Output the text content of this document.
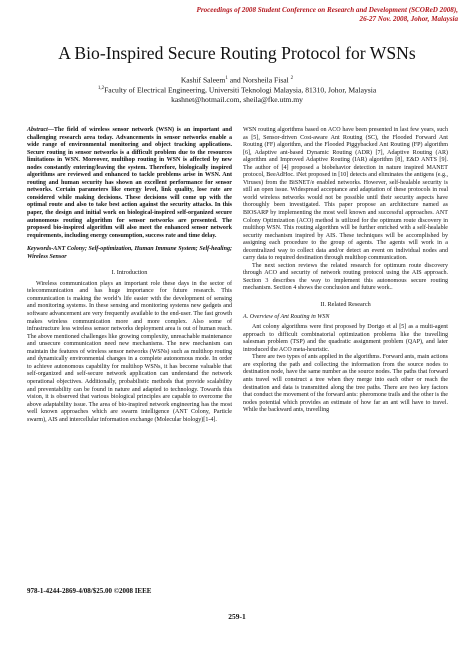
Proceedings of 2008 Student Conference on Research and Development (SCOReD 2008),
26-27 Nov. 2008, Johor, Malaysia
A Bio-Inspired Secure Routing Protocol for WSNs
Kashif Saleem$^1$ and Norsheila Fisal $^2$
$^{1,2}$Faculty of Electrical Engineering, Universiti Teknologi Malaysia, 81310, Johor, Malaysia
kashnet@hotmail.com, sheila@fke.utm.my

Abstract—The field of wireless sensor network (WSN) is an important and challenging research area today. Advancements in sensor networks enable a wide range of environmental monitoring and object tracking applications. Secure routing in sensor networks is a difficult problem due to the resources limitations in WSN. Moreover, multihop routing in WSN is affected by new nodes constantly entering/leaving the system. Therefore, biologically inspired algorithms are reviewed and enhanced to tackle problems arise in WSN. Ant routing and human security has shown an excellent performance for sensor networks. Certain parameters like energy level, link quality, lose rate are considered while making decisions. These decisions will come up with the optimal route and also to take best action against the security attacks. In this paper, the design and initial work on biological-inspired self-organized secure autonomous routing algorithm for sensor networks are presented. The proposed bio-inspired algorithm will also meet the enhanced sensor network requirements, including energy consumption, success rate and time delay.

Keywords-ANT Colony; Self-optimization, Human Immune System; Self-healing; Wireless Sensor

I. Introduction

Wireless communication plays an important role these days in the sector of telecommunication and has huge importance for future research. This communication is making the world’s life easier with the development of sensing and monitoring systems. In these sensing and monitoring systems new gadgets and software advancement are very frequently available to the end-user. The fast growth makes wireless communication more and more complex. Also some of infrastructure less wireless sensor networks deployment area is out of human reach. The above mentioned challenges like growing complexity, unreachable maintenance and unsecure communication need new mechanisms. The new mechanism can maintain the features of wireless sensor networks (WSNs) such as multihop routing and dynamically environmental changes in a complete autonomous mode. In order to achieve autonomous capability for multihop WSNs, it has become valuable that self-organized and self-secure network application can understand the network operational objectives. Additionally, probabilistic methods that provide scalability and preventability can be found in nature and adapted to technology. Towards this vision, it is observed that various biological principles are capable to overcome the above adaptability issue. The area of bio-inspired network engineering has the most well known approaches which are swarm intelligence (ANT Colony, Particle swarm), AIS and intercellular information exchange (Molecular biology)[1-4].

WSN routing algorithms based on ACO have been presented in last few years, such as [5], Sensor-driven Cost-aware Ant Routing (SC), the Flooded Forward Ant Routing (FF) algorithm, and the Flooded Piggybacked Ant Routing (FP) algorithm [6], Adaptive ant-based Dynamic Routing (ADR) [7], Adaptive Routing (AR) algorithm and Improved Adaptive Routing (IAR) algorithm [8], E&D ANTS [9]. The author of [4] proposed a biobehavior detection in nature inspired MANET protocol, BeeAdHoc. iNet proposed in [10] detects and eliminates the antigens (e.g., Viruses) from the BiSNET/e enabled networks. However, self-healable security is still an open issue. Widespread acceptance and adaptation of these protocols in real world wireless networks would not be possible until their security aspects have thoroughly been investigated. This paper propose an architecture named as BIOSARP by implementing the most well known and successful approaches. ANT Colony Optimization (ACO) method is utilized for the optimum route discovery in multihop WSN. This routing algorithm will be further enriched with a self-healable security mechanism inspired by AIS. These techniques will be accomplished by assigning each procedure to the group of agents. The agents will work in a decentralized way to collect data and/or detect an event on individual nodes and carry data to required destination through multihop communication.

The next section reviews the related research for optimum route discovery through ACO and security of network routing protocol using the AIS approach. Section 3 describes the way to implement this autonomous secure routing mechanism. Section 4 shows the conclusion and future work..

II. Related Research

A. Overview of Ant Routing in WSN

Ant colony algorithms were first proposed by Dorigo et al [5] as a multi-agent approach to difficult combinatorial optimization problems like the travelling salesman problem (TSP) and the quadratic assignment problem (QAP), and later introduced the ACO meta-heuristic.

There are two types of ants applied in the algorithms. Forward ants, main actions are exploring the path and collecting the information from the source nodes to destination node, have the same number as the source nodes. The paths that forward ants travel will construct a tree when they merge into each other or reach the destination and data is transmitted along the tree paths. There are two key factors that conduct the movement of the forward ants: pheromone trails and the other is the nodes potential which provides an estimate of how far an ant will have to travel. While the backward ants, travelling

978-1-4244-2869-4/08/$25.00 ©2008 IEEE
259-1
